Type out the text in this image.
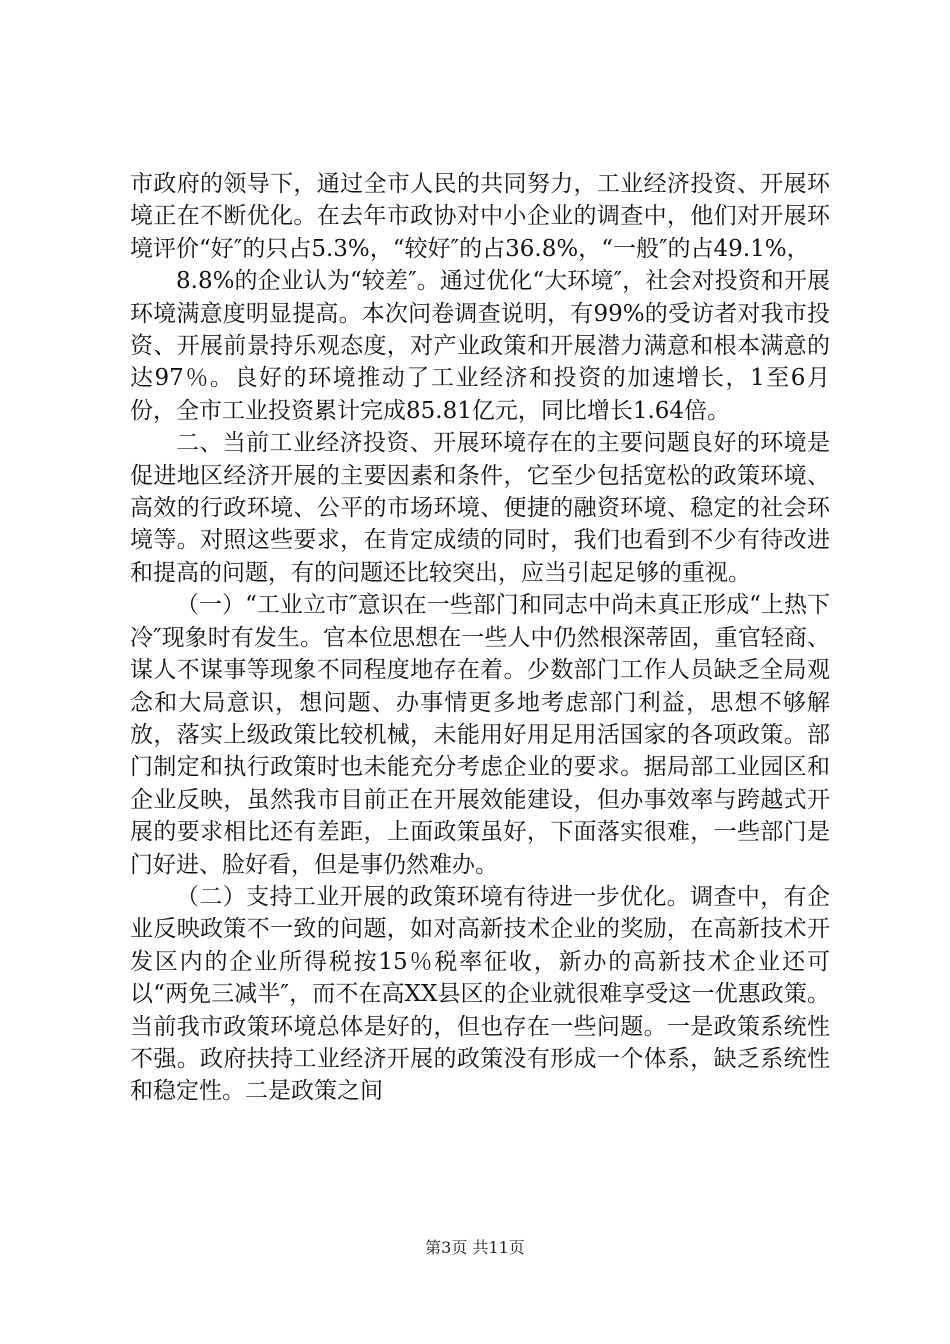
市政府的领导下，通过全市人民的共同努力，工业经济投资、开展环境正在不断优化。在去年市政协对中小企业的调查中，他们对开展环境评价“好″的只占5.3%，“较好″的占36.8%，“一般″的占49.1%，

8.8%的企业认为“较差″。通过优化“大环境″，社会对投资和开展环境满意度明显提高。本次问卷调查说明，有99%的受访者对我市投资、开展前景持乐观态度，对产业政策和开展潜力满意和根本满意的达97％。良好的环境推动了工业经济和投资的加速增长，1至6月份，全市工业投资累计完成85.81亿元，同比增长1.64倍。

二、当前工业经济投资、开展环境存在的主要问题良好的环境是促进地区经济开展的主要因素和条件，它至少包括宽松的政策环境、高效的行政环境、公平的市场环境、便捷的融资环境、稳定的社会环境等。对照这些要求，在肯定成绩的同时，我们也看到不少有待改进和提高的问题，有的问题还比较突出，应当引起足够的重视。

（一）“工业立市″意识在一些部门和同志中尚未真正形成“上热下冷″现象时有发生。官本位思想在一些人中仍然根深蒂固，重官轻商、谋人不谋事等现象不同程度地存在着。少数部门工作人员缺乏全局观念和大局意识，想问题、办事情更多地考虑部门利益，思想不够解放，落实上级政策比较机械，未能用好用足用活国家的各项政策。部门制定和执行政策时也未能充分考虑企业的要求。据局部工业园区和企业反映，虽然我市目前正在开展效能建设，但办事效率与跨越式开展的要求相比还有差距，上面政策虽好，下面落实很难，一些部门是门好进、脸好看，但是事仍然难办。

（二）支持工业开展的政策环境有待进一步优化。调查中，有企业反映政策不一致的问题，如对高新技术企业的奖励，在高新技术开发区内的企业所得税按15％税率征收，新办的高新技术企业还可以“两免三减半″，而不在高XX县区的企业就很难享受这一优惠政策。当前我市政策环境总体是好的，但也存在一些问题。一是政策系统性不强。政府扶持工业经济开展的政策没有形成一个体系，缺乏系统性和稳定性。二是政策之间

第3页 共11页
